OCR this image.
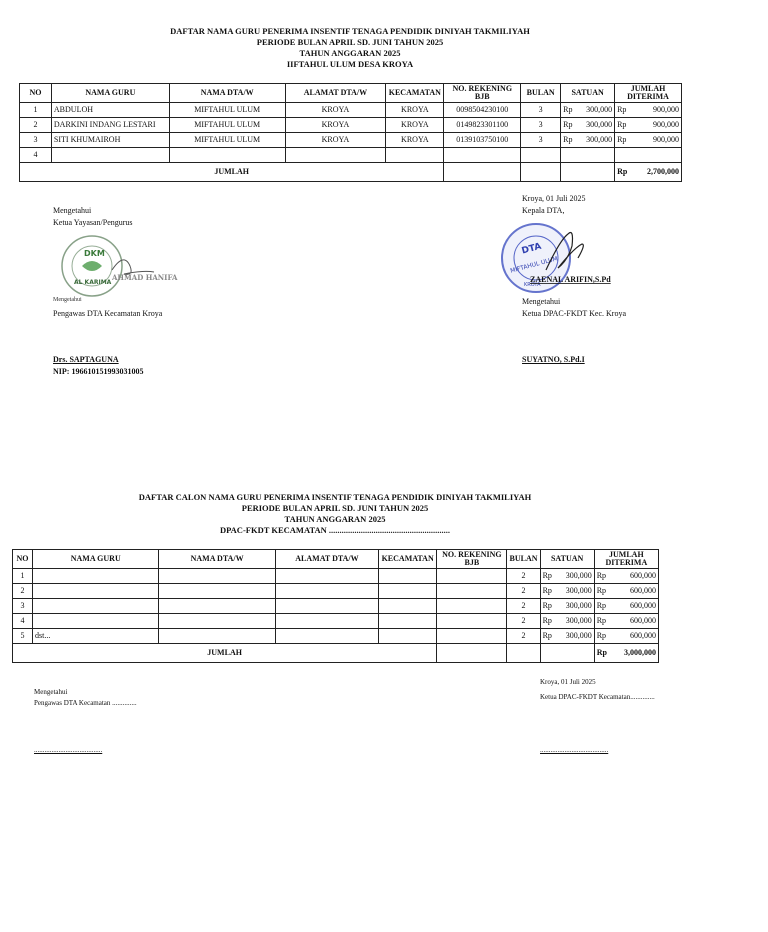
DAFTAR NAMA GURU PENERIMA INSENTIF TENAGA PENDIDIK DINIYAH TAKMILIYAH
PERIODE BULAN APRIL SD. JUNI TAHUN 2025
TAHUN ANGGARAN 2025
IIFTAHUL ULUM DESA KROYA
NO	NAMA GURU	NAMA DTA/W	ALAMAT DTA/W	KECAMATAN	NO. REKENING BJB	BULAN	SATUAN	JUMLAH DITERIMA
1	ABDULOH	MIFTAHUL ULUM	KROYA	KROYA	0098504230100	3	Rp 300,000	Rp 900,000

2	DARKINI INDANG LESTARI	MIFTAHUL ULUM	KROYA	KROYA	0149823301100	3	Rp 300,000	Rp 900,000

3	SITI KHUMAIROH	MIFTAHUL ULUM	KROYA	KROYA	0139103750100	3	Rp 300,000	Rp 900,000

4							

JUMLAH								Rp 2,700,000
Mengetahui
Ketua Yayasan/Pengurus
DKM
AL KARIMA
AHMAD HANIFA
Mengetahui
Pengawas DTA Kecamatan Kroya
Drs. SAPTAGUNA
NIP: 196610151993031005
Kroya, 01 Juli 2025
Kepala DTA,
DTA
MIFTAHUL ULUM
KROYA
ZAENAL ARIFIN,S.Pd
Mengetahui
Ketua DPAC-FKDT Kec. Kroya
SUYATNO, S.Pd.I
DAFTAR CALON NAMA GURU PENERIMA INSENTIF TENAGA PENDIDIK DINIYAH TAKMILIYAH
PERIODE BULAN APRIL SD. JUNI TAHUN 2025
TAHUN ANGGARAN 2025
DPAC-FKDT KECAMATAN .........................................................
NO	NAMA GURU	NAMA DTA/W	ALAMAT DTA/W	KECAMATAN	NO. REKENING BJB	BULAN	SATUAN	JUMLAH DITERIMA
1						2	Rp 300,000	Rp 600,000

2						2	Rp 300,000	Rp 600,000

3						2	Rp 300,000	Rp 600,000

4						2	Rp 300,000	Rp 600,000

5	dst...					2	Rp 300,000	Rp 600,000

JUMLAH								Rp 3,000,000
Mengetahui
Pengawas DTA Kecamatan ..............
.......................................
Kroya, 01 Juli 2025
Ketua DPAC-FKDT Kecamatan..............
.......................................
